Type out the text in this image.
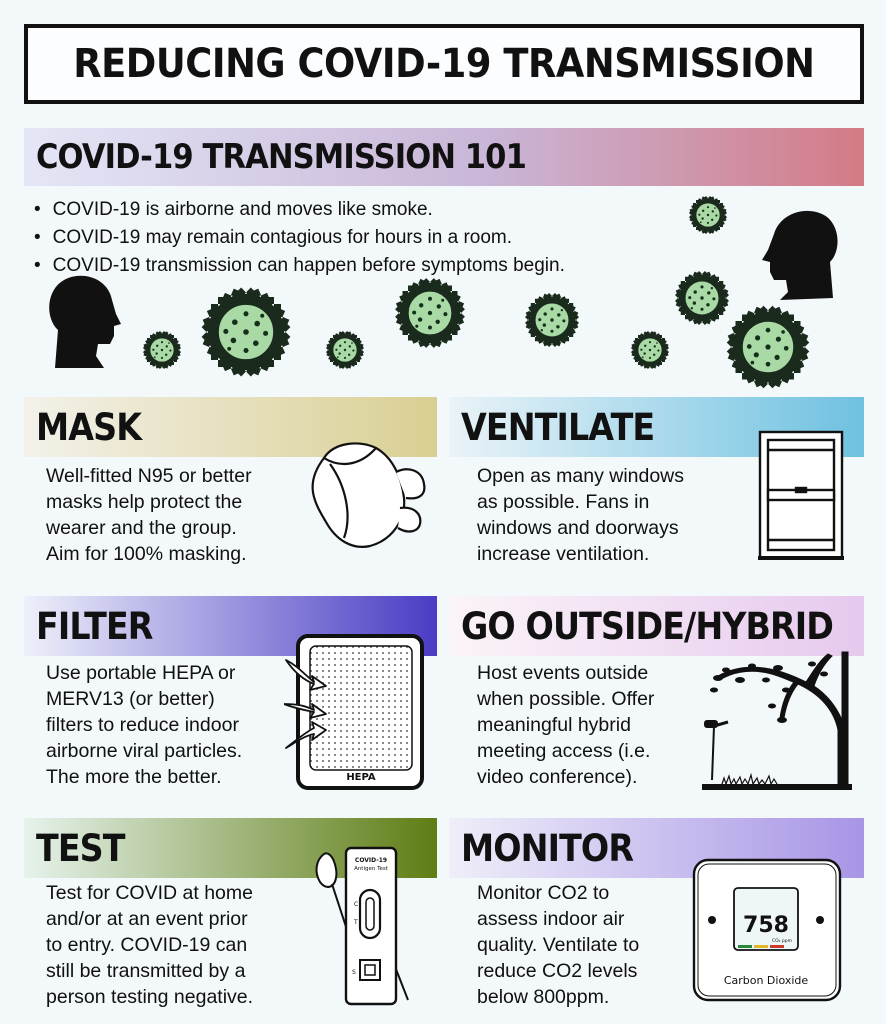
REDUCING COVID-19 TRANSMISSION
COVID-19 TRANSMISSION 101
• COVID-19 is airborne and moves like smoke.
• COVID-19 may remain contagious for hours in a room.
• COVID-19 transmission can happen before symptoms begin.
MASK
Well-fitted N95 or better
masks help protect the
wearer and the group.
Aim for 100% masking.
VENTILATE
Open as many windows
as possible. Fans in
windows and doorways
increase ventilation.
FILTER
Use portable HEPA or
MERV13 (or better)
filters to reduce indoor
airborne viral particles.
The more the better.	HEPA
GO OUTSIDE/HYBRID
Host events outside
when possible. Offer
meaningful hybrid
meeting access (i.e.
video conference).
TEST
Test for COVID at home
and/or at an event prior
to entry. COVID-19 can
still be transmitted by a
person testing negative.
COVID-19
Antigen Test
C
T
S
MONITOR
Monitor CO2 to
assess indoor air
quality. Ventilate to
reduce CO2 levels
below 800ppm.
758
CO₂ ppm
Carbon Dioxide
